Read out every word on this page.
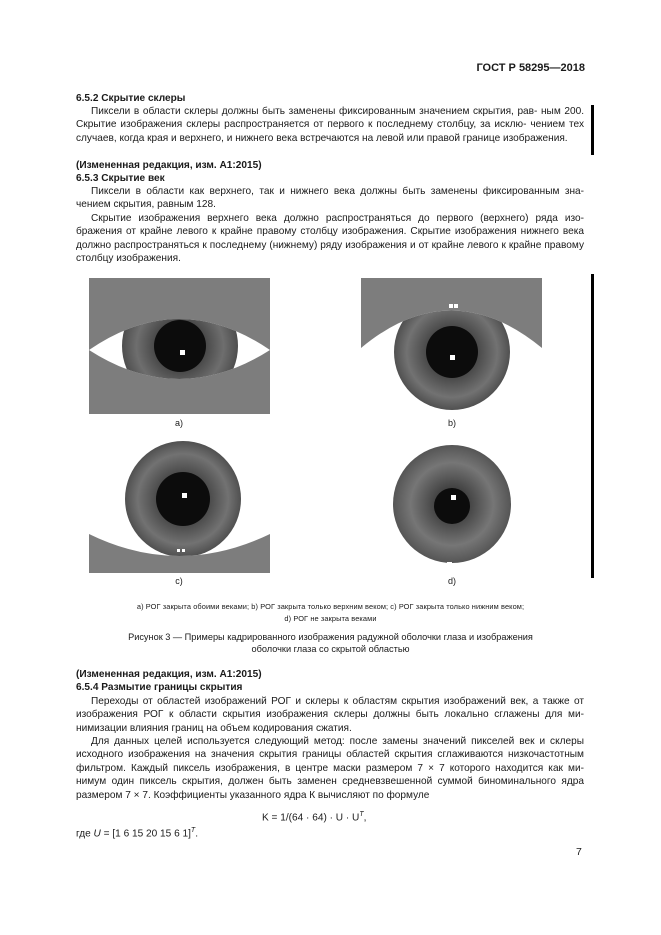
ГОСТ Р 58295—2018
6.5.2 Скрытие склеры
Пиксели в области склеры должны быть заменены фиксированным значением скрытия, рав- ным 200. Скрытие изображения склеры распространяется от первого к последнему столбцу, за исклю- чением тех случаев, когда края и верхнего, и нижнего века встречаются на левой или правой границе изображения.
(Измененная редакция, изм. А1:2015)
6.5.3 Скрытие век
Пиксели в области как верхнего, так и нижнего века должны быть заменены фиксированным зна- чением скрытия, равным 128.
Скрытие изображения верхнего века должно распространяться до первого (верхнего) ряда изо- бражения от крайне левого к крайне правому столбцу изображения. Скрытие изображения нижнего века должно распространяться к последнему (нижнему) ряду изображения и от крайне левого к крайне правому столбцу изображения.
a)	b)
c)	d)
а) РОГ закрыта обоими веками; b) РОГ закрыта только верхним веком; с) РОГ закрыта только нижним веком;
d) РОГ не закрыта веками
Рисунок 3 — Примеры кадрированного изображения радужной оболочки глаза и изображения
оболочки глаза со скрытой областью
(Измененная редакция, изм. А1:2015)
6.5.4 Размытие границы скрытия
Переходы от областей изображений РОГ и склеры к областям скрытия изображений век, а также от изображения РОГ к области скрытия изображения склеры должны быть локально сглажены для ми- нимизации влияния границ на объем кодирования сжатия.
Для данных целей используется следующий метод: после замены значений пикселей век и склеры исходного изображения на значения скрытия границы областей скрытия сглаживаются низкочастотным фильтром. Каждый пиксель изображения, в центре маски размером 7 × 7 которого находится как ми- нимум один пиксель скрытия, должен быть заменен средневзвешенной суммой биноминального ядра размером 7 × 7. Коэффициенты указанного ядра К вычисляют по формуле
$K = 1/(64 \cdot 64) \cdot U \cdot U^T$,
где U = [1 6 15 20 15 6 1]$^T$.
7
